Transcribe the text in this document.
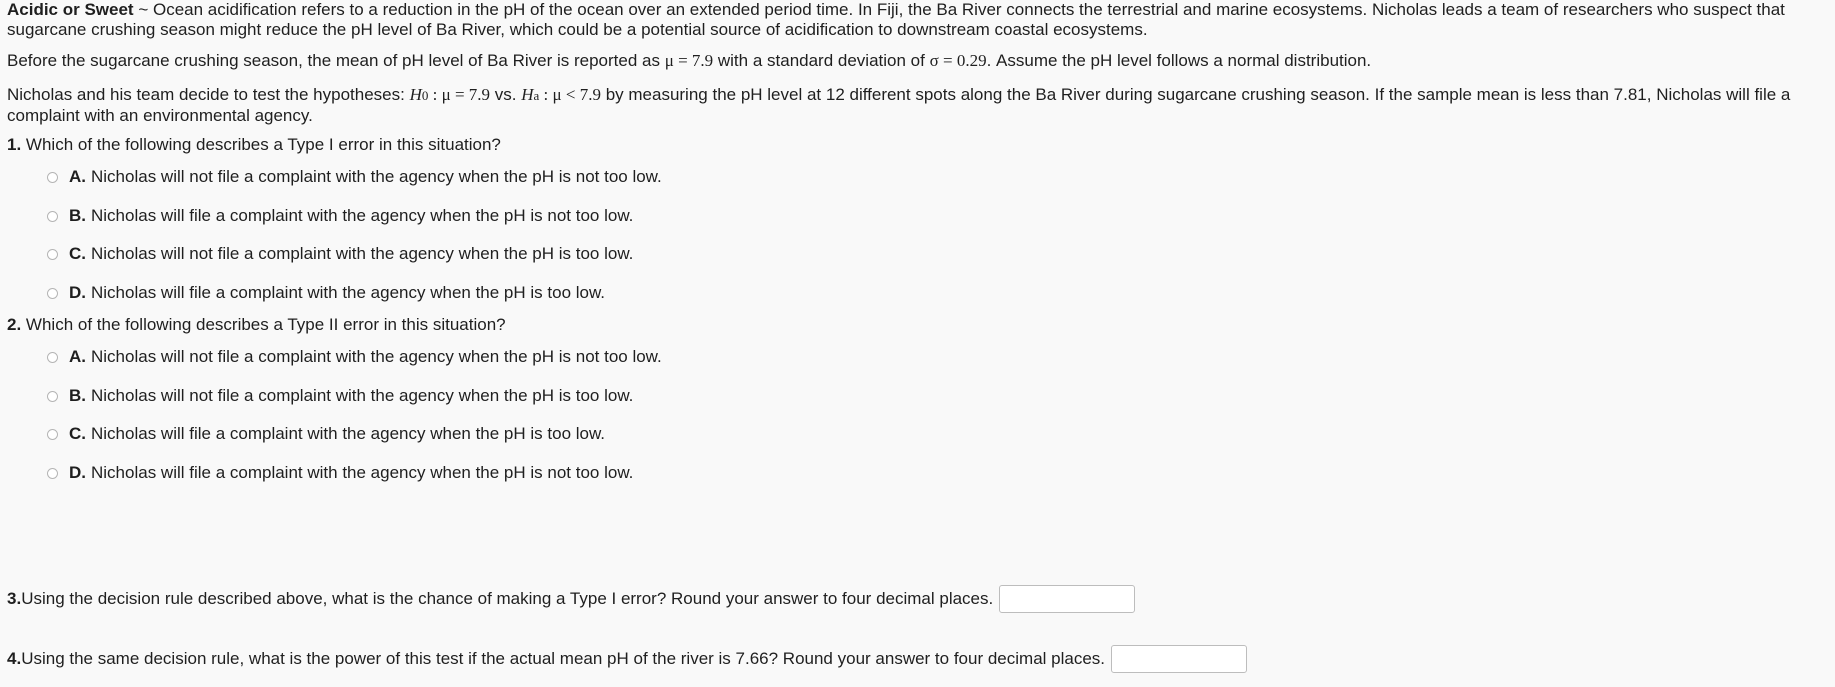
Acidic or Sweet ~ Ocean acidification refers to a reduction in the pH of the ocean over an extended period time. In Fiji, the Ba River connects the terrestrial and marine ecosystems. Nicholas leads a team of researchers who suspect that sugarcane crushing season might reduce the pH level of Ba River, which could be a potential source of acidification to downstream coastal ecosystems.
Before the sugarcane crushing season, the mean of pH level of Ba River is reported as μ = 7.9 with a standard deviation of σ = 0.29. Assume the pH level follows a normal distribution.
Nicholas and his team decide to test the hypotheses: H0 : μ = 7.9 vs. Ha : μ < 7.9 by measuring the pH level at 12 different spots along the Ba River during sugarcane crushing season. If the sample mean is less than 7.81, Nicholas will file a complaint with an environmental agency.
1. Which of the following describes a Type I error in this situation?
A. Nicholas will not file a complaint with the agency when the pH is not too low.
B. Nicholas will file a complaint with the agency when the pH is not too low.
C. Nicholas will not file a complaint with the agency when the pH is too low.
D. Nicholas will file a complaint with the agency when the pH is too low.
2. Which of the following describes a Type II error in this situation?
A. Nicholas will not file a complaint with the agency when the pH is not too low.
B. Nicholas will not file a complaint with the agency when the pH is too low.
C. Nicholas will file a complaint with the agency when the pH is too low.
D. Nicholas will file a complaint with the agency when the pH is not too low.
3. Using the decision rule described above, what is the chance of making a Type I error? Round your answer to four decimal places.
4. Using the same decision rule, what is the power of this test if the actual mean pH of the river is 7.66? Round your answer to four decimal places.
